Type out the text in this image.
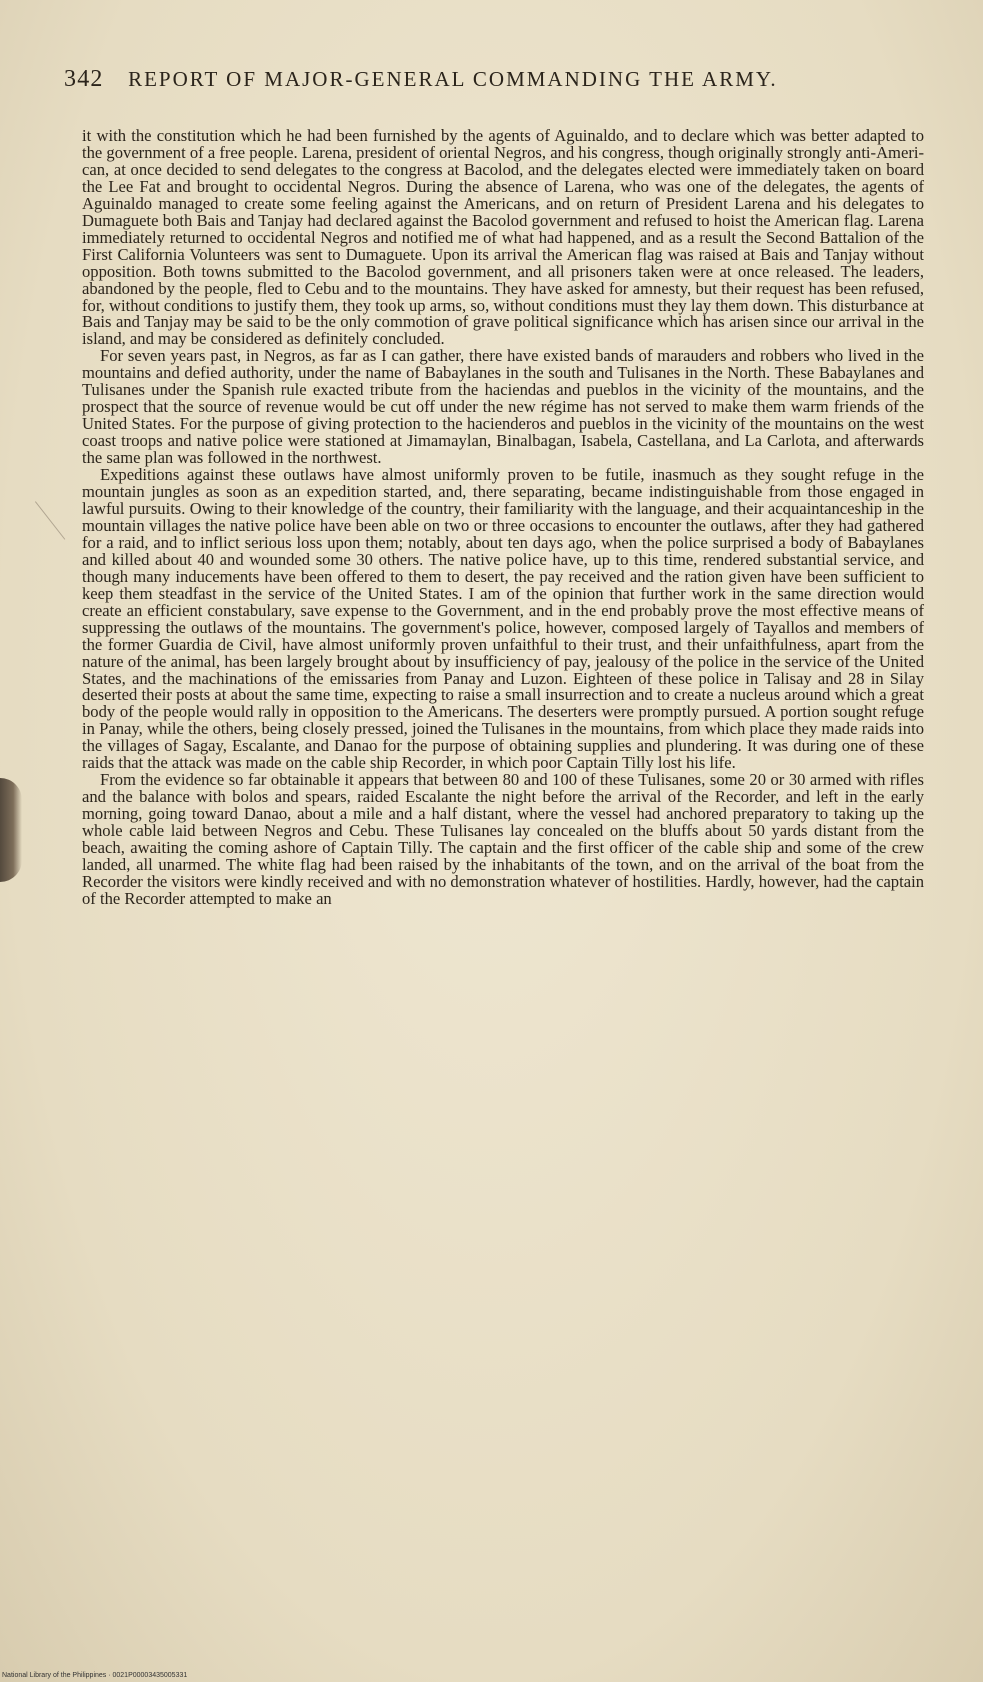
342 REPORT OF MAJOR-GENERAL COMMANDING THE ARMY.

it with the constitution which he had been furnished by the agents of Aguinaldo, and to declare which was better adapted to the government of a free people. Larena, president of oriental Negros, and his congress, though originally strongly anti-American, at once decided to send delegates to the congress at Bacolod, and the delegates elected were immediately taken on board the Lee Fat and brought to occidental Negros. During the absence of Larena, who was one of the delegates, the agents of Aguinaldo managed to create some feeling against the Americans, and on return of President Larena and his delegates to Dumaguete both Bais and Tanjay had declared against the Bacolod government and refused to hoist the American flag. Larena immediately returned to occidental Negros and notified me of what had happened, and as a result the Second Battalion of the First California Volunteers was sent to Dumaguete. Upon its arrival the American flag was raised at Bais and Tanjay without opposition. Both towns submitted to the Bacolod government, and all prisoners taken were at once released. The leaders, abandoned by the people, fled to Cebu and to the mountains. They have asked for amnesty, but their request has been refused, for, without conditions to justify them, they took up arms, so, without conditions must they lay them down. This disturbance at Bais and Tanjay may be said to be the only commotion of grave political significance which has arisen since our arrival in the island, and may be considered as definitely concluded.

For seven years past, in Negros, as far as I can gather, there have existed bands of marauders and robbers who lived in the mountains and defied authority, under the name of Babaylanes in the south and Tulisanes in the North. These Babaylanes and Tulisanes under the Spanish rule exacted tribute from the haciendas and pueblos in the vicinity of the mountains, and the prospect that the source of revenue would be cut off under the new régime has not served to make them warm friends of the United States. For the purpose of giving protection to the hacienderos and pueblos in the vicinity of the mountains on the west coast troops and native police were stationed at Jimamaylan, Binalbagan, Isabela, Castellana, and La Carlota, and afterwards the same plan was followed in the northwest.

Expeditions against these outlaws have almost uniformly proven to be futile, inasmuch as they sought refuge in the mountain jungles as soon as an expedition started, and, there separating, became indistinguishable from those engaged in lawful pursuits. Owing to their knowledge of the country, their familiarity with the language, and their acquaintanceship in the mountain villages the native police have been able on two or three occasions to encounter the outlaws, after they had gathered for a raid, and to inflict serious loss upon them; notably, about ten days ago, when the police surprised a body of Babaylanes and killed about 40 and wounded some 30 others. The native police have, up to this time, rendered substantial service, and though many inducements have been offered to them to desert, the pay received and the ration given have been sufficient to keep them steadfast in the service of the United States. I am of the opinion that further work in the same direction would create an efficient constabulary, save expense to the Government, and in the end probably prove the most effective means of suppressing the outlaws of the mountains. The government's police, however, composed largely of Tayallos and members of the former Guardia de Civil, have almost uniformly proven unfaithful to their trust, and their unfaithfulness, apart from the nature of the animal, has been largely brought about by insufficiency of pay, jealousy of the police in the service of the United States, and the machinations of the emissaries from Panay and Luzon. Eighteen of these police in Talisay and 28 in Silay deserted their posts at about the same time, expecting to raise a small insurrection and to create a nucleus around which a great body of the people would rally in opposition to the Americans. The deserters were promptly pursued. A portion sought refuge in Panay, while the others, being closely pressed, joined the Tulisanes in the mountains, from which place they made raids into the villages of Sagay, Escalante, and Danao for the purpose of obtaining supplies and plundering. It was during one of these raids that the attack was made on the cable ship Recorder, in which poor Captain Tilly lost his life.

From the evidence so far obtainable it appears that between 80 and 100 of these Tulisanes, some 20 or 30 armed with rifles and the balance with bolos and spears, raided Escalante the night before the arrival of the Recorder, and left in the early morning, going toward Danao, about a mile and a half distant, where the vessel had anchored preparatory to taking up the whole cable laid between Negros and Cebu. These Tulisanes lay concealed on the bluffs about 50 yards distant from the beach, awaiting the coming ashore of Captain Tilly. The captain and the first officer of the cable ship and some of the crew landed, all unarmed. The white flag had been raised by the inhabitants of the town, and on the arrival of the boat from the Recorder the visitors were kindly received and with no demonstration whatever of hostilities. Hardly, however, had the captain of the Recorder attempted to make an

National Library of the Philippines · 0021P00003435005331
